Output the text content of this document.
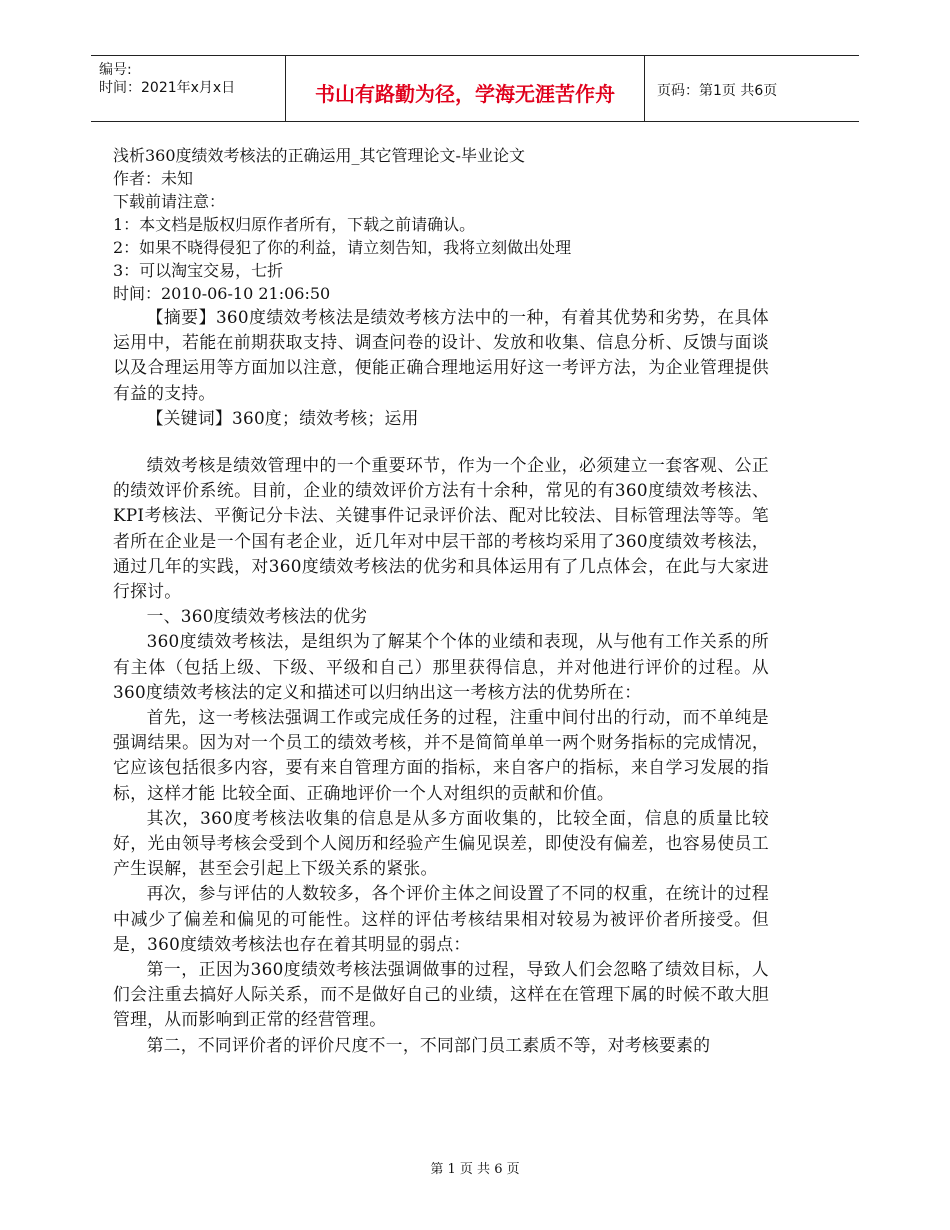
编号:
时间：2021年x月x日	书山有路勤为径，学海无涯苦作舟	页码：第1页 共6页
浅析360度绩效考核法的正确运用_其它管理论文-毕业论文
作者：未知
下载前请注意：
1：本文档是版权归原作者所有，下载之前请确认。
2：如果不晓得侵犯了你的利益，请立刻告知，我将立刻做出处理
3：可以淘宝交易，七折
时间：2010-06-10 21:06:50

【摘要】360度绩效考核法是绩效考核方法中的一种，有着其优势和劣势，在具体运用中，若能在前期获取支持、调查问卷的设计、发放和收集、信息分析、反馈与面谈以及合理运用等方面加以注意，便能正确合理地运用好这一考评方法，为企业管理提供有益的支持。

【关键词】360度；绩效考核；运用

绩效考核是绩效管理中的一个重要环节，作为一个企业，必须建立一套客观、公正的绩效评价系统。目前，企业的绩效评价方法有十余种，常见的有360度绩效考核法、KPI考核法、平衡记分卡法、关键事件记录评价法、配对比较法、目标管理法等等。笔者所在企业是一个国有老企业，近几年对中层干部的考核均采用了360度绩效考核法，通过几年的实践，对360度绩效考核法的优劣和具体运用有了几点体会，在此与大家进行探讨。

一、360度绩效考核法的优劣

360度绩效考核法，是组织为了解某个个体的业绩和表现，从与他有工作关系的所有主体（包括上级、下级、平级和自己）那里获得信息，并对他进行评价的过程。从360度绩效考核法的定义和描述可以归纳出这一考核方法的优势所在：

首先，这一考核法强调工作或完成任务的过程，注重中间付出的行动，而不单纯是强调结果。因为对一个员工的绩效考核，并不是简简单单一两个财务指标的完成情况，它应该包括很多内容，要有来自管理方面的指标，来自客户的指标，来自学习发展的指标，这样才能 比较全面、正确地评价一个人对组织的贡献和价值。

其次，360度考核法收集的信息是从多方面收集的，比较全面，信息的质量比较好，光由领导考核会受到个人阅历和经验产生偏见误差，即使没有偏差，也容易使员工产生误解，甚至会引起上下级关系的紧张。

再次，参与评估的人数较多，各个评价主体之间设置了不同的权重，在统计的过程中减少了偏差和偏见的可能性。这样的评估考核结果相对较易为被评价者所接受。但是，360度绩效考核法也存在着其明显的弱点：

第一，正因为360度绩效考核法强调做事的过程，导致人们会忽略了绩效目标，人们会注重去搞好人际关系，而不是做好自己的业绩，这样在在管理下属的时候不敢大胆管理，从而影响到正常的经营管理。

第二，不同评价者的评价尺度不一，不同部门员工素质不等，对考核要素的

第 1 页 共 6 页
